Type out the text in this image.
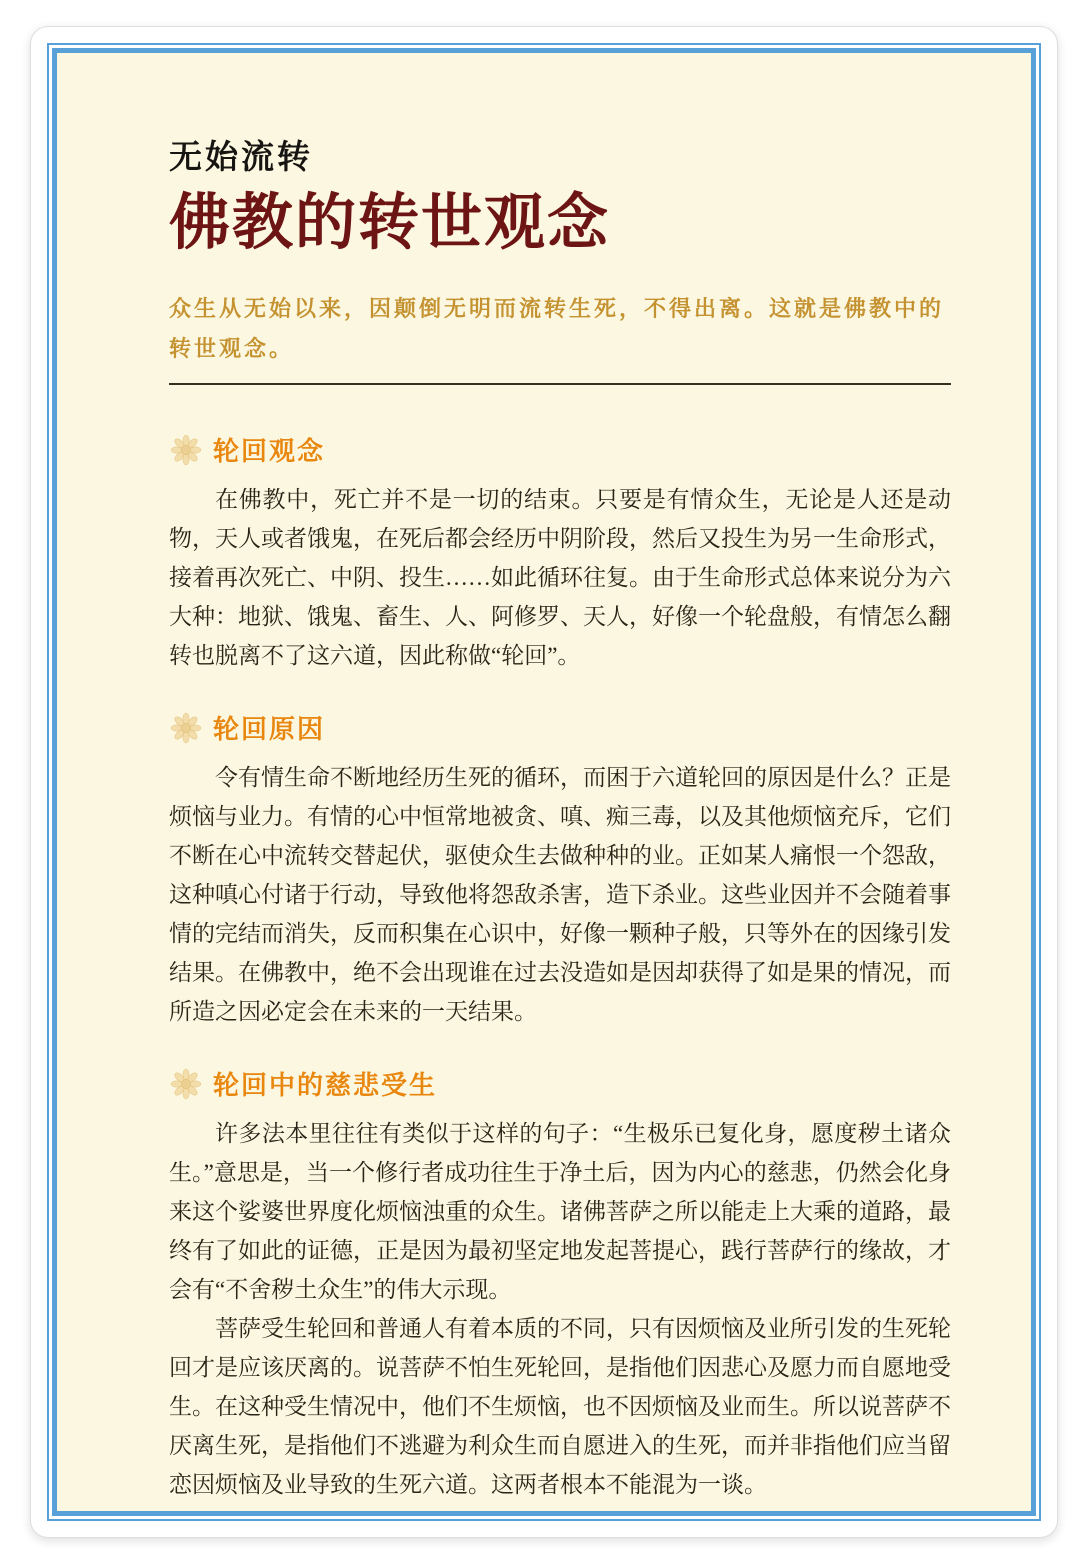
无始流转
佛教的转世观念

众生从无始以来，因颠倒无明而流转生死，不得出离。这就是佛教中的转世观念。

轮回观念

在佛教中，死亡并不是一切的结束。只要是有情众生，无论是人还是动物，天人或者饿鬼，在死后都会经历中阴阶段，然后又投生为另一生命形式，接着再次死亡、中阴、投生……如此循环往复。由于生命形式总体来说分为六大种：地狱、饿鬼、畜生、人、阿修罗、天人，好像一个轮盘般，有情怎么翻转也脱离不了这六道，因此称做“轮回”。

轮回原因

令有情生命不断地经历生死的循环，而困于六道轮回的原因是什么？正是烦恼与业力。有情的心中恒常地被贪、嗔、痴三毒，以及其他烦恼充斥，它们不断在心中流转交替起伏，驱使众生去做种种的业。正如某人痛恨一个怨敌，这种嗔心付诸于行动，导致他将怨敌杀害，造下杀业。这些业因并不会随着事情的完结而消失，反而积集在心识中，好像一颗种子般，只等外在的因缘引发结果。在佛教中，绝不会出现谁在过去没造如是因却获得了如是果的情况，而所造之因必定会在未来的一天结果。

轮回中的慈悲受生

许多法本里往往有类似于这样的句子：“生极乐已复化身，愿度秽土诸众生。”意思是，当一个修行者成功往生于净土后，因为内心的慈悲，仍然会化身来这个娑婆世界度化烦恼浊重的众生。诸佛菩萨之所以能走上大乘的道路，最终有了如此的证德，正是因为最初坚定地发起菩提心，践行菩萨行的缘故，才会有“不舍秽土众生”的伟大示现。

菩萨受生轮回和普通人有着本质的不同，只有因烦恼及业所引发的生死轮回才是应该厌离的。说菩萨不怕生死轮回，是指他们因悲心及愿力而自愿地受生。在这种受生情况中，他们不生烦恼，也不因烦恼及业而生。所以说菩萨不厌离生死，是指他们不逃避为利众生而自愿进入的生死，而并非指他们应当留恋因烦恼及业导致的生死六道。这两者根本不能混为一谈。
